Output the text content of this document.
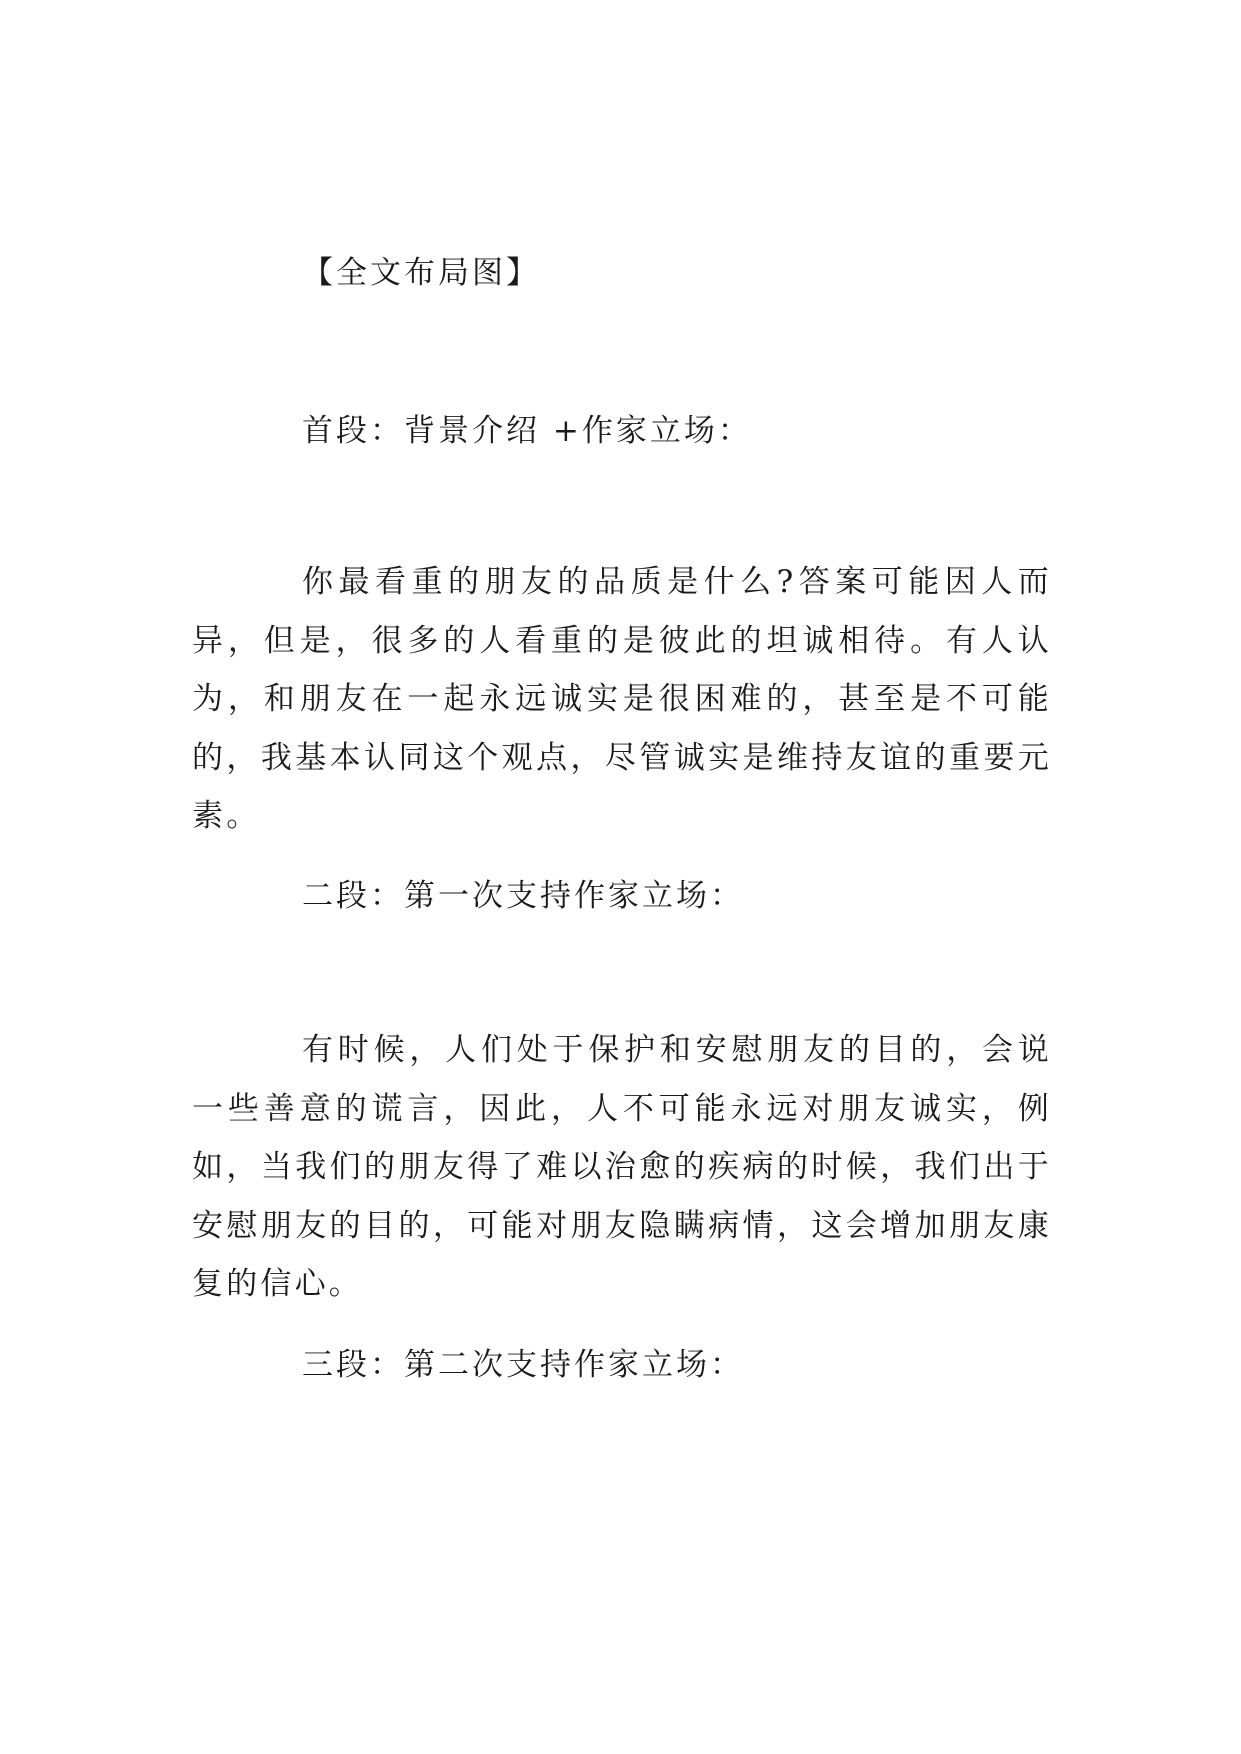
【全文布局图】
首段：背景介绍 +作家立场：
你最看重的朋友的品质是什么?答案可能因人而异，但是，很多的人看重的是彼此的坦诚相待。有人认为，和朋友在一起永远诚实是很困难的，甚至是不可能的，我基本认同这个观点，尽管诚实是维持友谊的重要元素。
二段：第一次支持作家立场：
有时候，人们处于保护和安慰朋友的目的，会说一些善意的谎言，因此，人不可能永远对朋友诚实，例如，当我们的朋友得了难以治愈的疾病的时候，我们出于安慰朋友的目的，可能对朋友隐瞒病情，这会增加朋友康复的信心。
三段：第二次支持作家立场：
